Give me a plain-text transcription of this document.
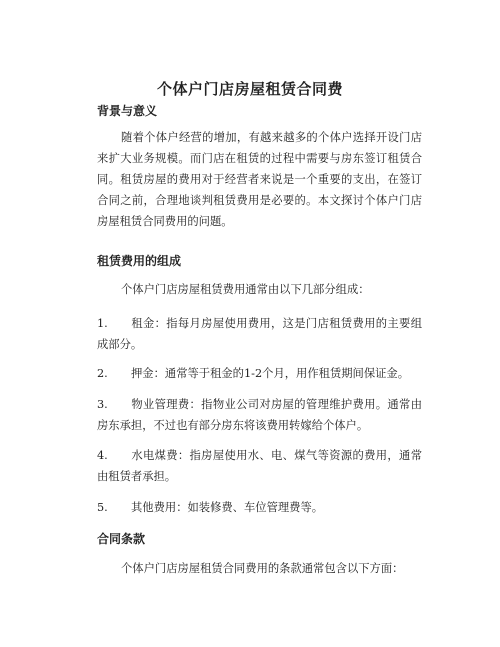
个体户门店房屋租赁合同费
背景与意义

随着个体户经营的增加，有越来越多的个体户选择开设门店来扩大业务规模。而门店在租赁的过程中需要与房东签订租赁合同。租赁房屋的费用对于经营者来说是一个重要的支出，在签订合同之前，合理地谈判租赁费用是必要的。本文探讨个体户门店房屋租赁合同费用的问题。

租赁费用的组成

个体户门店房屋租赁费用通常由以下几部分组成：

1. 租金：指每月房屋使用费用，这是门店租赁费用的主要组成部分。

2. 押金：通常等于租金的1-2个月，用作租赁期间保证金。

3. 物业管理费：指物业公司对房屋的管理维护费用。通常由房东承担，不过也有部分房东将该费用转嫁给个体户。

4. 水电煤费：指房屋使用水、电、煤气等资源的费用，通常由租赁者承担。

5. 其他费用：如装修费、车位管理费等。

合同条款

个体户门店房屋租赁合同费用的条款通常包含以下方面：
